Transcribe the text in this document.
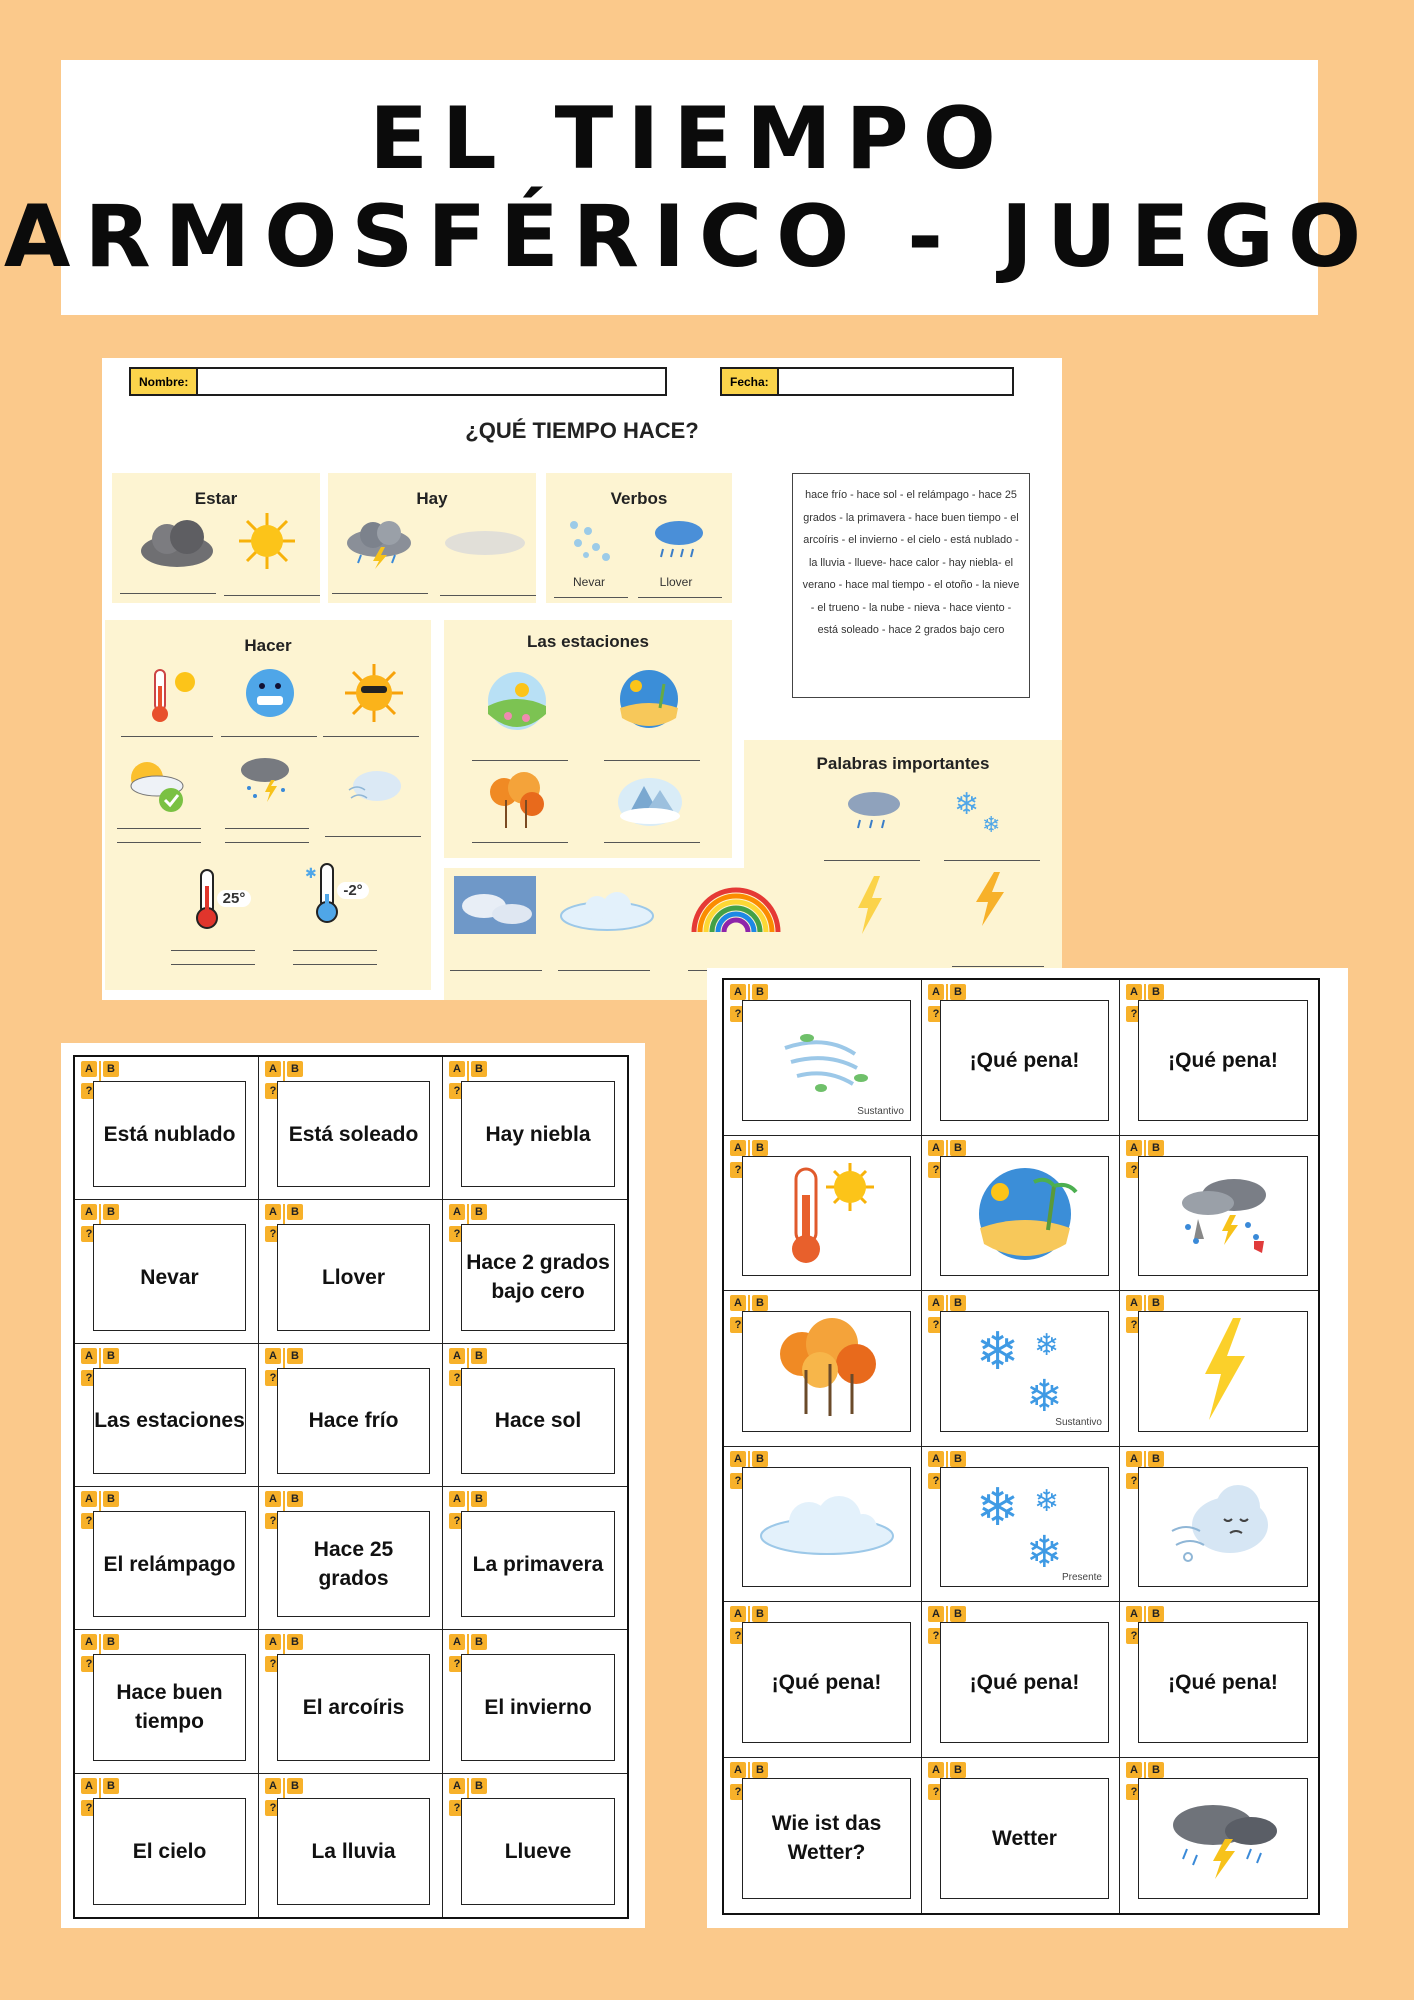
EL TIEMPO
ARMOSFÉRICO - JUEGO
Nombre:	Fecha:
¿QUÉ TIEMPO HACE?
Estar	Hay	Verbos
Nevar	Llover
hace frío - hace sol - el relámpago - hace 25 grados - la primavera - hace buen tiempo - el arcoíris - el invierno - el cielo - está nublado - la lluvia - llueve- hace calor - hay niebla- el verano - hace mal tiempo - el otoño - la nieve - el trueno - la nube - nieva - hace viento - está soleado - hace 2 grados bajo cero
Hacer
25°
✱
-2°
Las estaciones
Palabras importantes
❄
❄
A	B
?
Está nublado
A	B
?
Está soleado
A	B
?
Hay niebla
A	B
?
Nevar
A	B
?
Llover
A	B
?
Hace 2 grados bajo cero
A	B
?
Las estaciones
A	B
?
Hace frío
A	B
?
Hace sol
A	B
?
El relámpago
A	B
?
Hace 25 grados
A	B
?
La primavera
A	B
?
Hace buen tiempo
A	B
?
El arcoíris
A	B
?
El invierno
A	B
?
El cielo
A	B
?
La lluvia
A	B
?
Llueve
A	B
?
Sustantivo
A	B
?
¡Qué pena!
A	B
?
¡Qué pena!
A	B
?
A	B
?
A	B
?
A	B
?
A	B
? ❄ ❄
❄
Sustantivo
A	B
?
A	B
?
A	B
? ❄ ❄
❄ Presente
A	B
?
A	B
?
¡Qué pena!
A	B
?
¡Qué pena!
A	B
?
¡Qué pena!
A	B
?
Wie ist das Wetter?
A	B
?
Wetter
A	B
?
